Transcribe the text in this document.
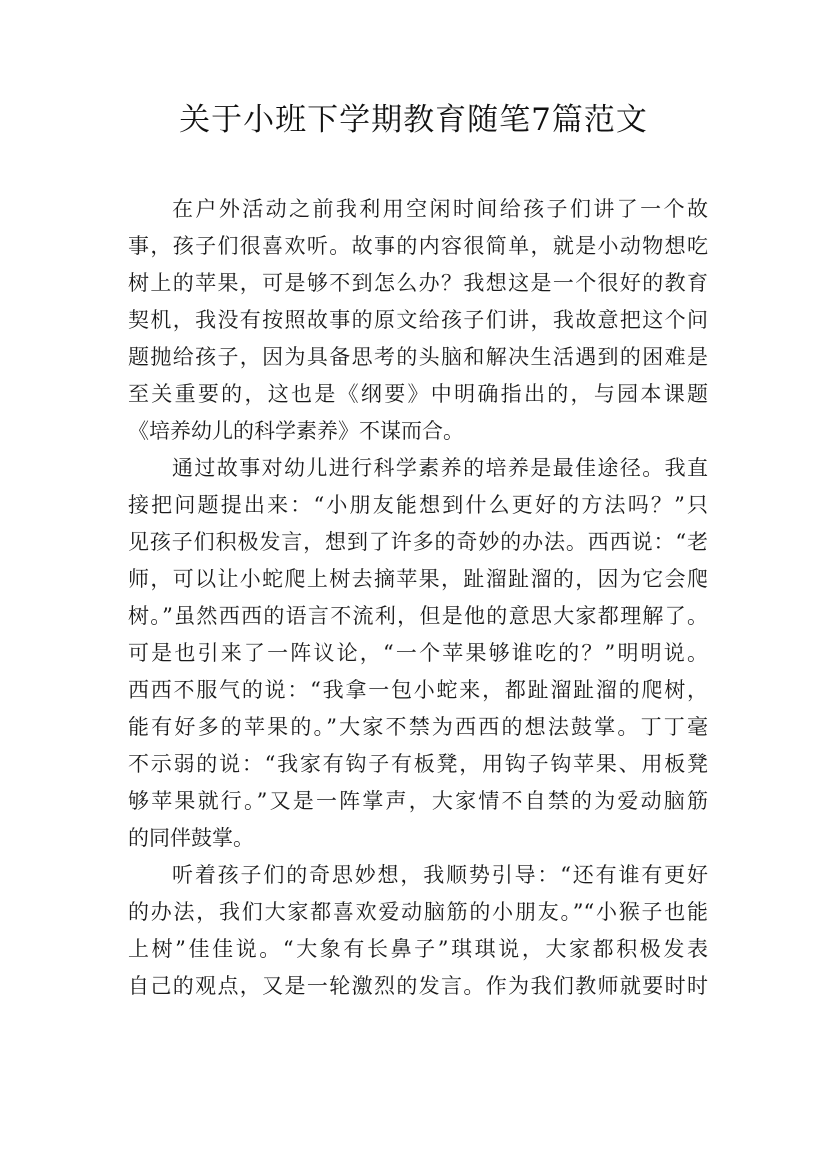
关于小班下学期教育随笔7篇范文
在户外活动之前我利用空闲时间给孩子们讲了一个故
事，孩子们很喜欢听。故事的内容很简单，就是小动物想吃
树上的苹果，可是够不到怎么办？我想这是一个很好的教育
契机，我没有按照故事的原文给孩子们讲，我故意把这个问
题抛给孩子，因为具备思考的头脑和解决生活遇到的困难是
至关重要的，这也是《纲要》中明确指出的，与园本课题
《培养幼儿的科学素养》不谋而合。
通过故事对幼儿进行科学素养的培养是最佳途径。我直
接把问题提出来：“小朋友能想到什么更好的方法吗？”只
见孩子们积极发言，想到了许多的奇妙的办法。西西说：“老
师，可以让小蛇爬上树去摘苹果，趾溜趾溜的，因为它会爬
树。”虽然西西的语言不流利，但是他的意思大家都理解了。
可是也引来了一阵议论，“一个苹果够谁吃的？”明明说。
西西不服气的说：“我拿一包小蛇来，都趾溜趾溜的爬树，
能有好多的苹果的。”大家不禁为西西的想法鼓掌。丁丁毫
不示弱的说：“我家有钩子有板凳，用钩子钩苹果、用板凳
够苹果就行。”又是一阵掌声，大家情不自禁的为爱动脑筋
的同伴鼓掌。
听着孩子们的奇思妙想，我顺势引导：“还有谁有更好
的办法，我们大家都喜欢爱动脑筋的小朋友。”“小猴子也能
上树”佳佳说。“大象有长鼻子”琪琪说，大家都积极发表
自己的观点，又是一轮激烈的发言。作为我们教师就要时时
